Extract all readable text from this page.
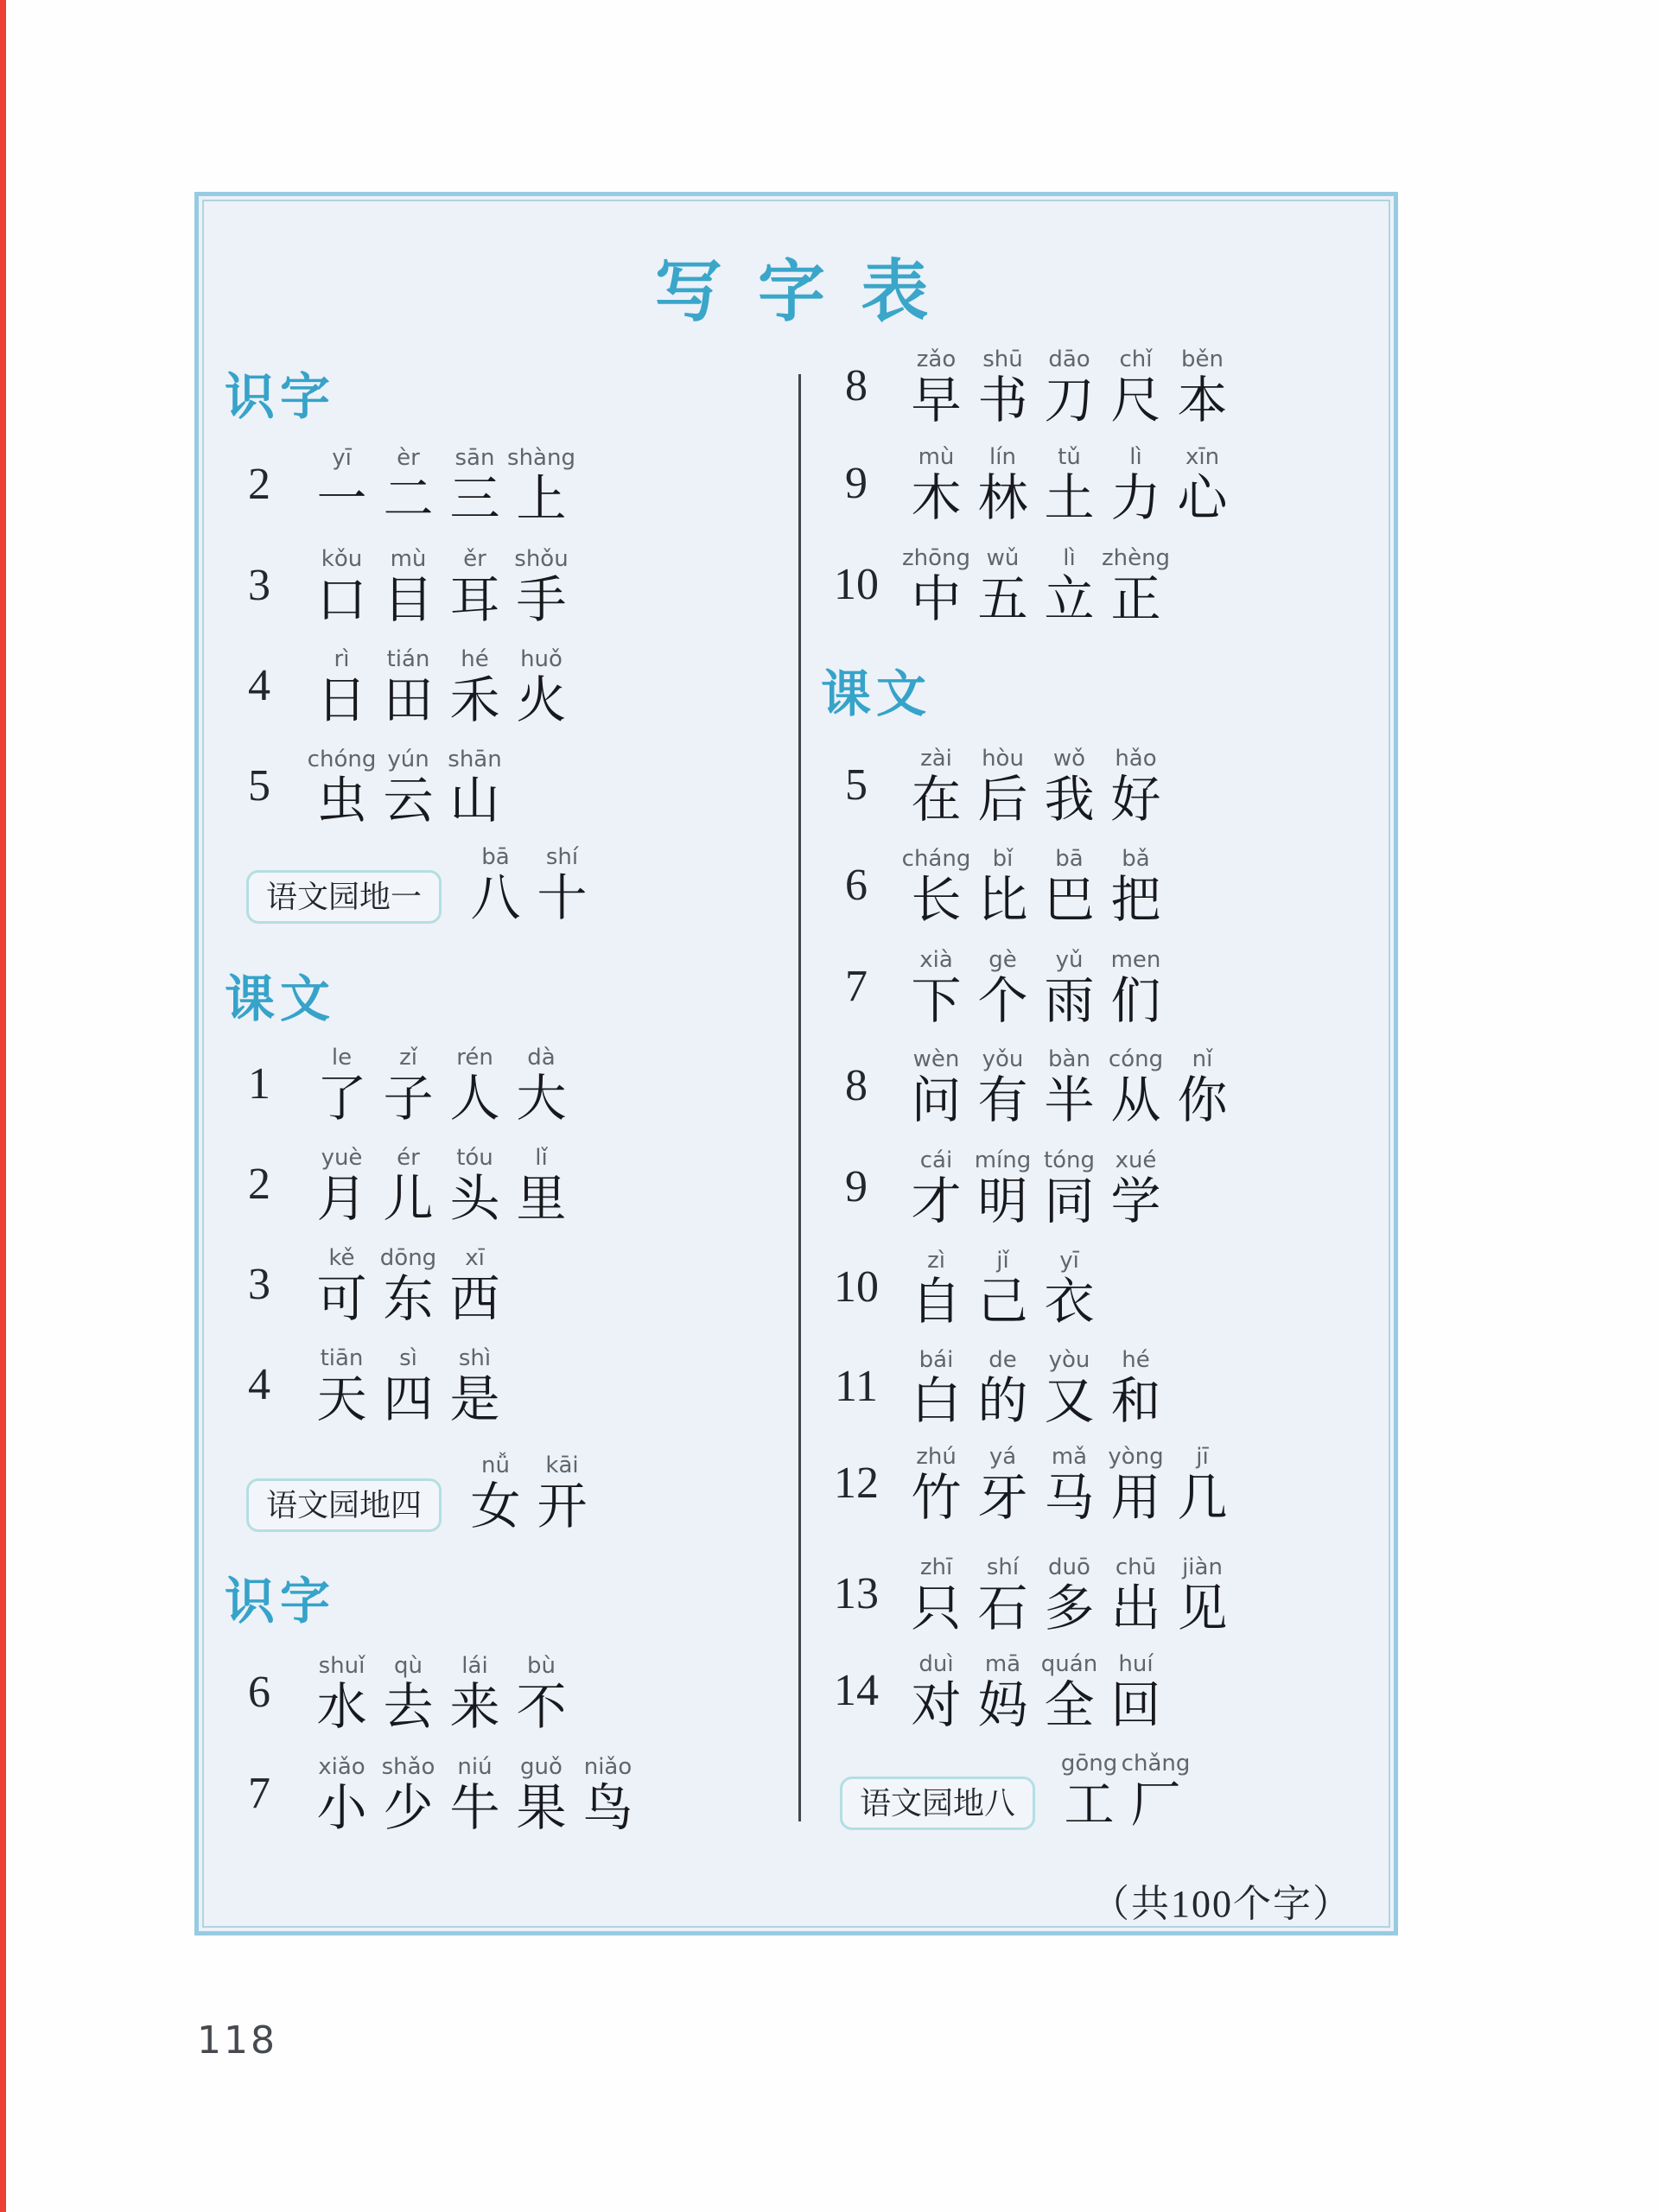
写 字 表
识字
2
yī
一
èr
二
sān
三
shàng
上
3
kǒu
口
mù
目
ěr
耳
shǒu
手
4
rì
日
tián
田
hé
禾
huǒ
火
5
chóng
虫
yún
云
shān
山
语文园地一
bā
八
shí
十
课文
1
le
了
zǐ
子
rén
人
dà
大
2
yuè
月
ér
儿
tóu
头
lǐ
里
3
kě
可
dōng
东
xī
西
4
tiān
天
sì
四
shì
是
语文园地四
nǚ
女
kāi
开
识字
6
shuǐ
水
qù
去
lái
来
bù
不
7
xiǎo
小
shǎo
少
niú
牛
guǒ
果
niǎo
鸟
8
zǎo
早
shū
书
dāo
刀
chǐ
尺
běn
本
9
mù
木
lín
林
tǔ
土
lì
力
xīn
心
10
zhōng
中
wǔ
五
lì
立
zhèng
正
课文
5
zài
在
hòu
后
wǒ
我
hǎo
好
6
cháng
长
bǐ
比
bā
巴
bǎ
把
7
xià
下
gè
个
yǔ
雨
men
们
8
wèn
问
yǒu
有
bàn
半
cóng
从
nǐ
你
9
cái
才
míng
明
tóng
同
xué
学
10
zì
自
jǐ
己
yī
衣
11
bái
白
de
的
yòu
又
hé
和
12
zhú
竹
yá
牙
mǎ
马
yòng
用
jī
几
13
zhī
只
shí
石
duō
多
chū
出
jiàn
见
14
duì
对
mā
妈
quán
全
huí
回
语文园地八
gōng
工
chǎng
厂
（共100个字）
118
